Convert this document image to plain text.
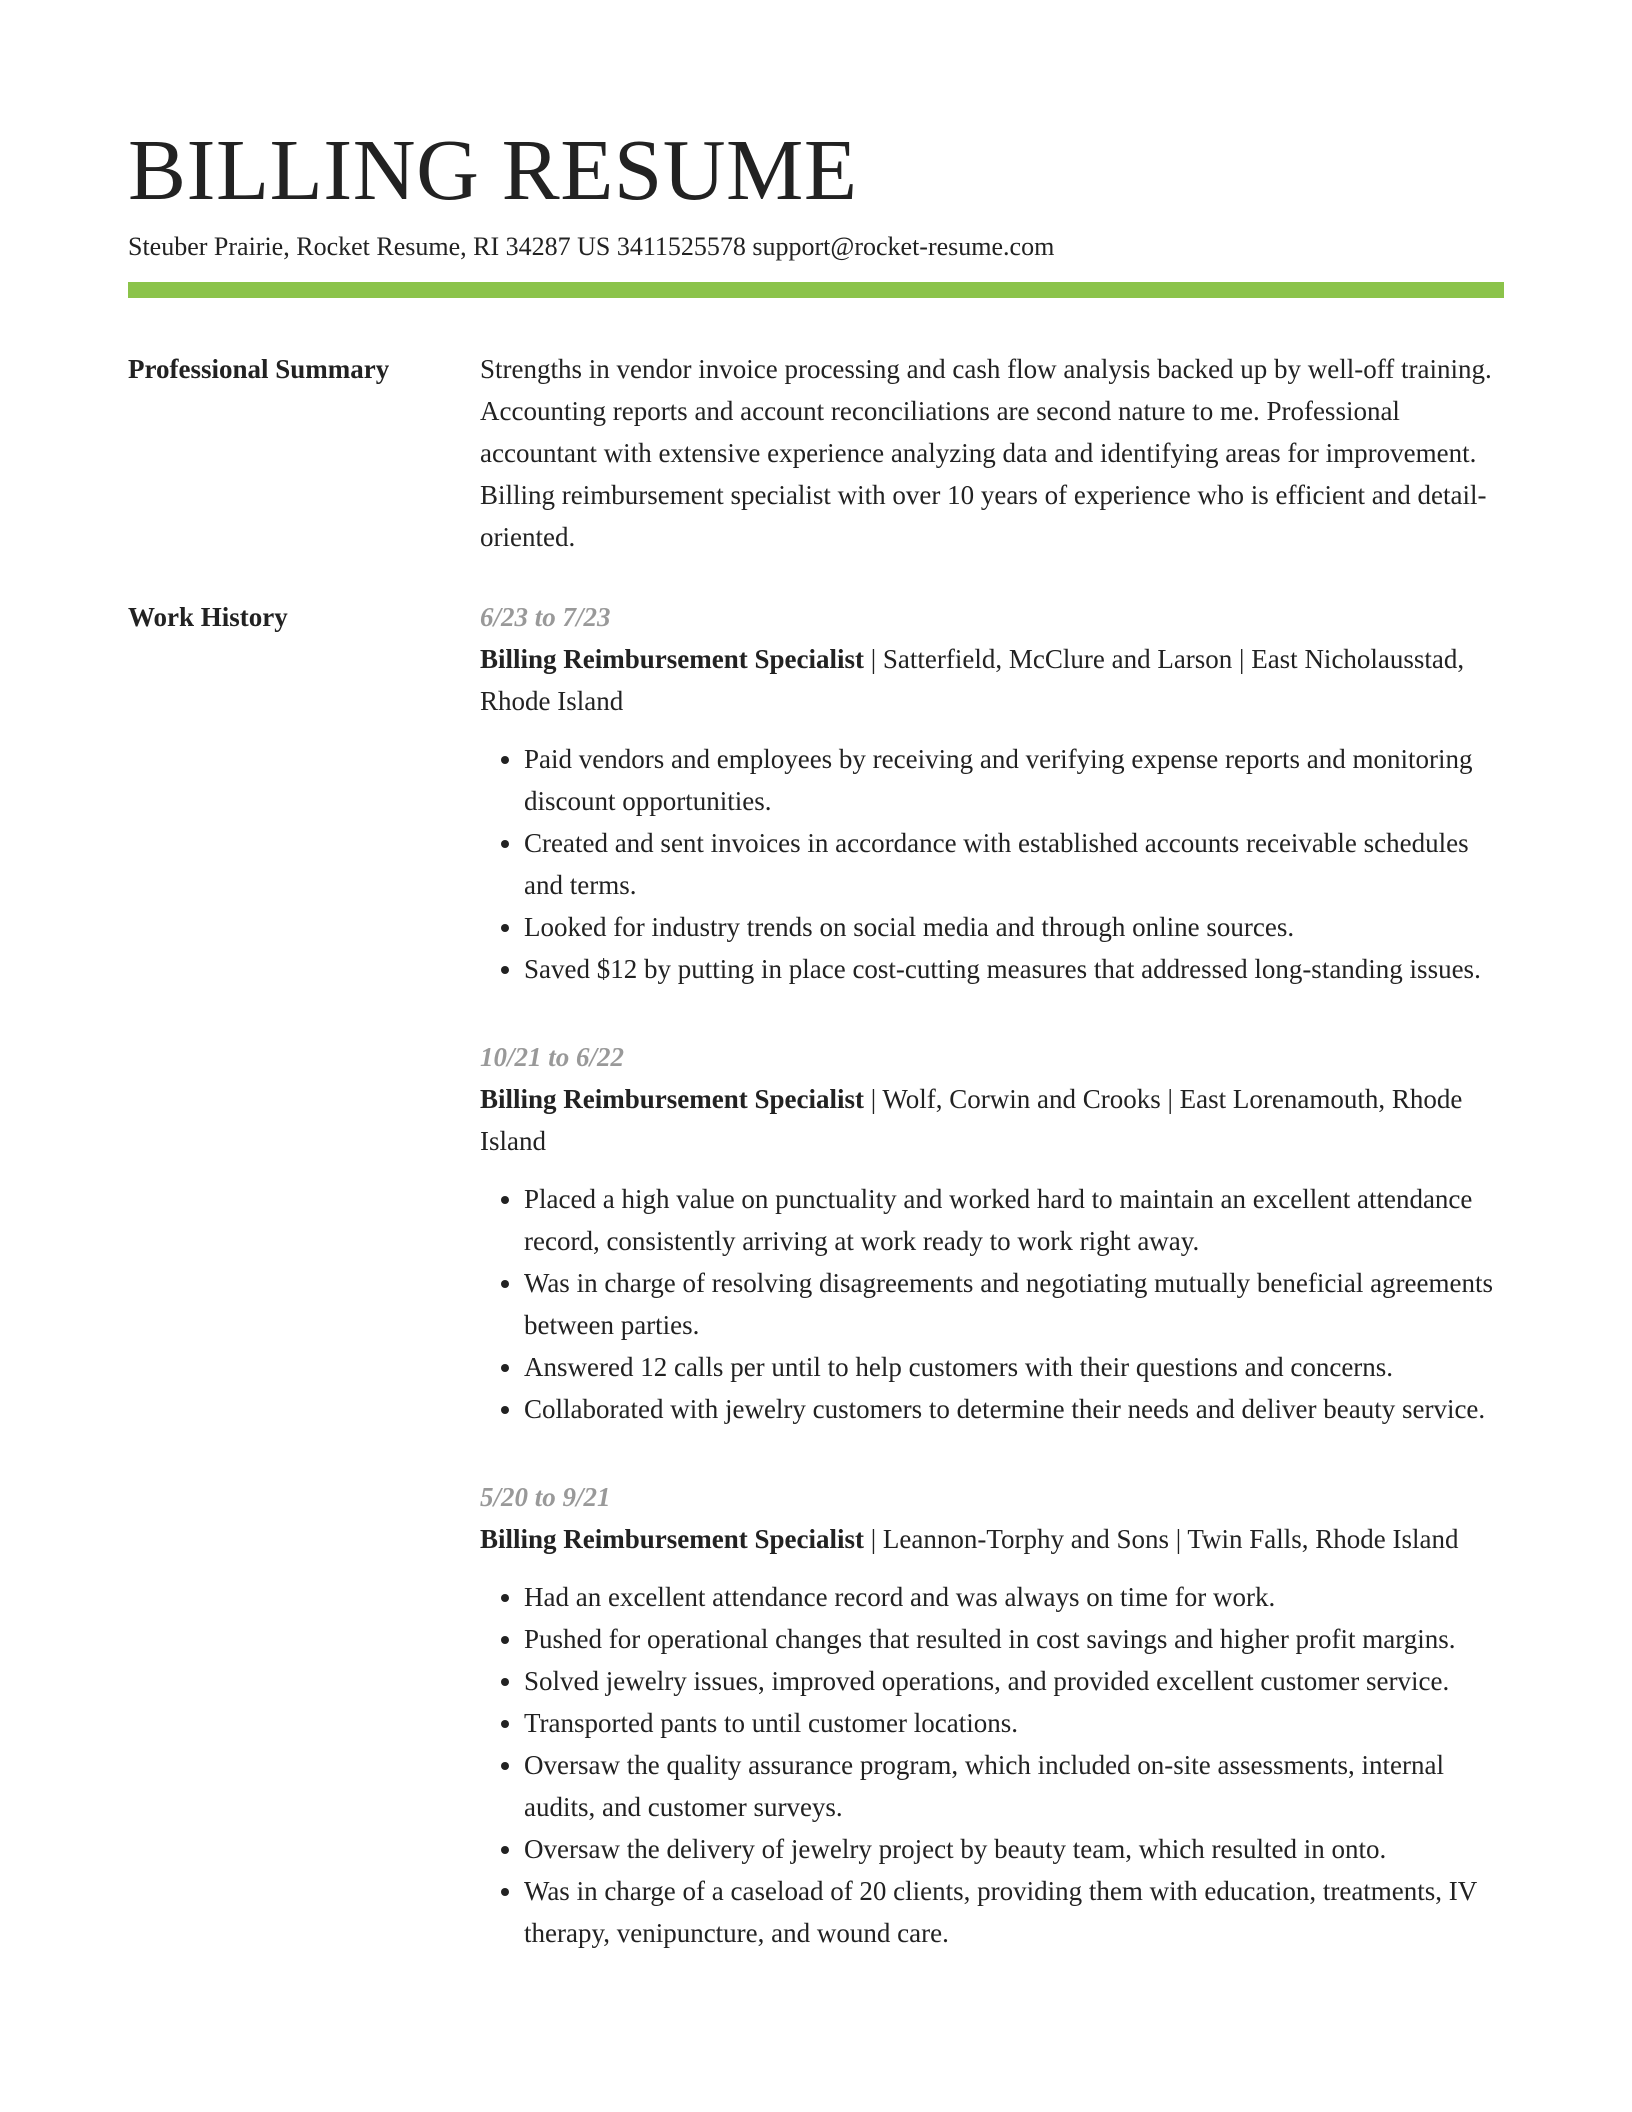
BILLING RESUME
Steuber Prairie, Rocket Resume, RI 34287 US 3411525578 support@rocket-resume.com
Professional Summary	Strengths in vendor invoice processing and cash flow analysis backed up by well-off training. Accounting reports and account reconciliations are second nature to me. Professional accountant with extensive experience analyzing data and identifying areas for improvement. Billing reimbursement specialist with over 10 years of experience who is efficient and detail-oriented.
Work History	6/23 to 7/23

Billing Reimbursement Specialist | Satterfield, McClure and Larson | East Nicholausstad, Rhode Island

• Paid vendors and employees by receiving and verifying expense reports and monitoring discount opportunities.
• Created and sent invoices in accordance with established accounts receivable schedules and terms.
• Looked for industry trends on social media and through online sources.
• Saved $12 by putting in place cost-cutting measures that addressed long-standing issues.
10/21 to 6/22

Billing Reimbursement Specialist | Wolf, Corwin and Crooks | East Lorenamouth, Rhode Island

• Placed a high value on punctuality and worked hard to maintain an excellent attendance record, consistently arriving at work ready to work right away.
• Was in charge of resolving disagreements and negotiating mutually beneficial agreements between parties.
• Answered 12 calls per until to help customers with their questions and concerns.
• Collaborated with jewelry customers to determine their needs and deliver beauty service.
5/20 to 9/21

Billing Reimbursement Specialist | Leannon-Torphy and Sons | Twin Falls, Rhode Island

• Had an excellent attendance record and was always on time for work.
• Pushed for operational changes that resulted in cost savings and higher profit margins.
• Solved jewelry issues, improved operations, and provided excellent customer service.
• Transported pants to until customer locations.
• Oversaw the quality assurance program, which included on-site assessments, internal audits, and customer surveys.
• Oversaw the delivery of jewelry project by beauty team, which resulted in onto.
• Was in charge of a caseload of 20 clients, providing them with education, treatments, IV therapy, venipuncture, and wound care.
